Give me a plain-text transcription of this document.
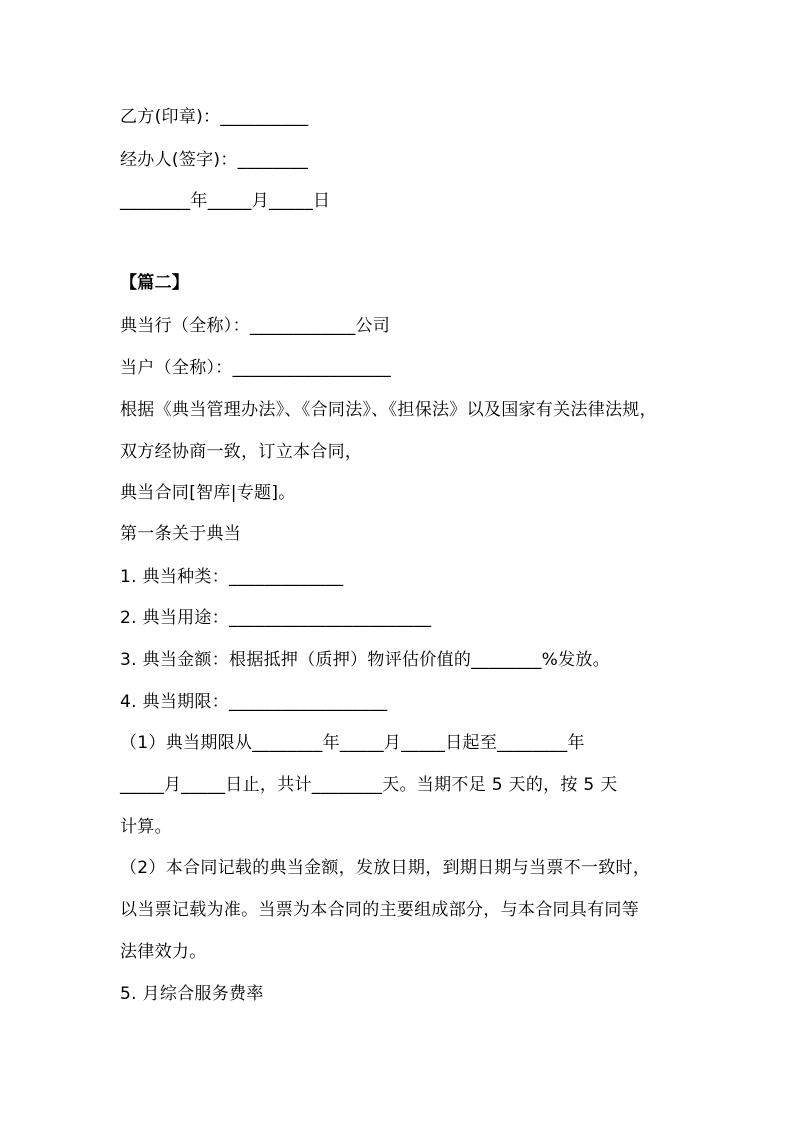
乙方(印章)：__________
经办人(签字)：________
________年_____月_____日
【篇二】
典当行（全称）：____________公司
当户（全称）：__________________
根据《典当管理办法》、《合同法》、《担保法》以及国家有关法律法规，
双方经协商一致，订立本合同，
典当合同[智库|专题]。
第一条关于典当
1. 典当种类：_____________
2. 典当用途：_______________________
3. 典当金额：根据抵押（质押）物评估价值的________%发放。
4. 典当期限：__________________
（1）典当期限从________年_____月_____日起至________年
_____月_____日止，共计________天。当期不足 5 天的，按 5 天
计算。
（2）本合同记载的典当金额，发放日期，到期日期与当票不一致时，
以当票记载为准。当票为本合同的主要组成部分，与本合同具有同等
法律效力。
5. 月综合服务费率
